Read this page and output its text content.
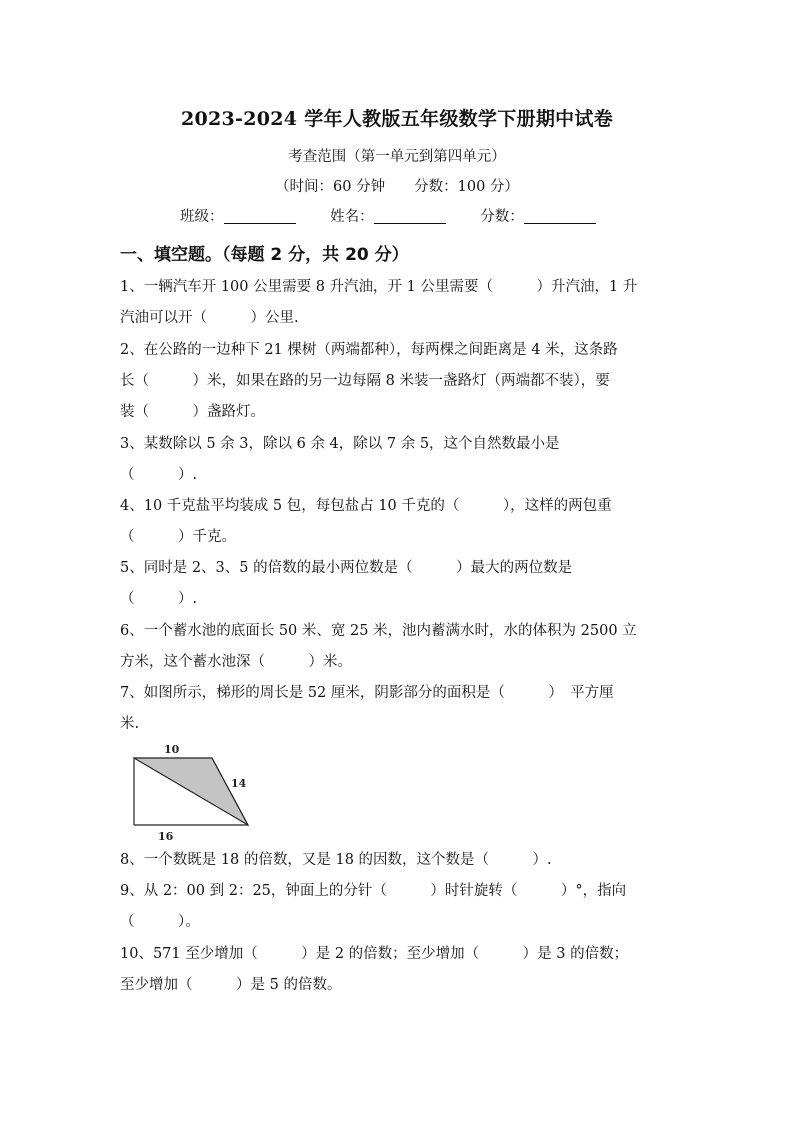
2023-2024 学年人教版五年级数学下册期中试卷
考查范围（第一单元到第四单元）
（时间：60 分钟　　分数：100 分）
班级：	姓名：	分数：
一、填空题。（每题 2 分，共 20 分）
1、一辆汽车开 100 公里需要 8 升汽油，开 1 公里需要（　　　）升汽油，1 升
汽油可以开（　　　）公里.
2、在公路的一边种下 21 棵树（两端都种），每两棵之间距离是 4 米，这条路
长（　　　）米，如果在路的另一边每隔 8 米装一盏路灯（两端都不装），要
装（　　　）盏路灯。
3、某数除以 5 余 3，除以 6 余 4，除以 7 余 5，这个自然数最小是
（　　　）.
4、10 千克盐平均装成 5 包，每包盐占 10 千克的（　　　），这样的两包重
（　　　）千克。
5、同时是 2、3、5 的倍数的最小两位数是（　　　）最大的两位数是
（　　　）.
6、一个蓄水池的底面长 50 米、宽 25 米，池内蓄满水时，水的体积为 2500 立
方米，这个蓄水池深（　　　）米。
7、如图所示，梯形的周长是 52 厘米，阴影部分的面积是（　　　）　平方厘
米.
10
14
16
8、一个数既是 18 的倍数，又是 18 的因数，这个数是（　　　）.
9、从 2：00 到 2：25，钟面上的分针（　　　）时针旋转（　　　）°，指向
（　　　）。
10、571 至少增加（　　　）是 2 的倍数；至少增加（　　　）是 3 的倍数；
至少增加（　　　）是 5 的倍数。
